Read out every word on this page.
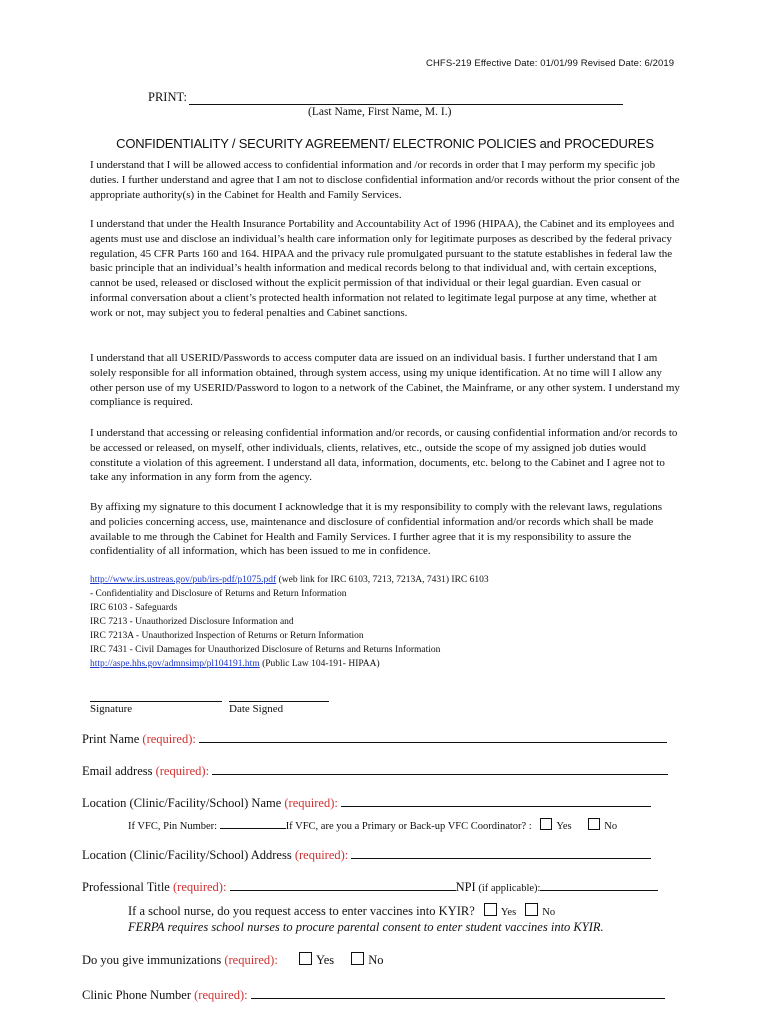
CHFS-219 Effective Date: 01/01/99 Revised Date: 6/2019
PRINT:
(Last Name, First Name, M. I.)
CONFIDENTIALITY / SECURITY AGREEMENT/ ELECTRONIC POLICIES and PROCEDURES

I understand that I will be allowed access to confidential information and /or records in order that I may perform my specific job duties. I further understand and agree that I am not to disclose confidential information and/or records without the prior consent of the appropriate authority(s) in the Cabinet for Health and Family Services.

I understand that under the Health Insurance Portability and Accountability Act of 1996 (HIPAA), the Cabinet and its employees and agents must use and disclose an individual’s health care information only for legitimate purposes as described by the federal privacy regulation, 45 CFR Parts 160 and 164. HIPAA and the privacy rule promulgated pursuant to the statute establishes in federal law the basic principle that an individual’s health information and medical records belong to that individual and, with certain exceptions, cannot be used, released or disclosed without the explicit permission of that individual or their legal guardian. Even casual or informal conversation about a client’s protected health information not related to legitimate legal purpose at any time, whether at work or not, may subject you to federal penalties and Cabinet sanctions.

I understand that all USERID/Passwords to access computer data are issued on an individual basis. I further understand that I am solely responsible for all information obtained, through system access, using my unique identification. At no time will I allow any other person use of my USERID/Password to logon to a network of the Cabinet, the Mainframe, or any other system. I understand my compliance is required.

I understand that accessing or releasing confidential information and/or records, or causing confidential information and/or records to be accessed or released, on myself, other individuals, clients, relatives, etc., outside the scope of my assigned job duties would constitute a violation of this agreement. I understand all data, information, documents, etc. belong to the Cabinet and I agree not to take any information in any form from the agency.

By affixing my signature to this document I acknowledge that it is my responsibility to comply with the relevant laws, regulations and policies concerning access, use, maintenance and disclosure of confidential information and/or records which shall be made available to me through the Cabinet for Health and Family Services. I further agree that it is my responsibility to assure the confidentiality of all information, which has been issued to me in confidence.

http://www.irs.ustreas.gov/pub/irs-pdf/p1075.pdf (web link for IRC 6103, 7213, 7213A, 7431) IRC 6103
- Confidentiality and Disclosure of Returns and Return Information
IRC 6103 - Safeguards
IRC 7213 - Unauthorized Disclosure Information and
IRC 7213A - Unauthorized Inspection of Returns or Return Information
IRC 7431 - Civil Damages for Unauthorized Disclosure of Returns and Returns Information
http://aspe.hhs.gov/admnsimp/pl104191.htm (Public Law 104-191- HIPAA)
Signature	Date Signed
Print Name (required):
Email address (required):
Location (Clinic/Facility/School) Name (required):
If VFC, Pin Number:	If VFC, are you a Primary or Back-up VFC Coordinator? : Yes	No
Location (Clinic/Facility/School) Address (required):
Professional Title (required):	NPI (if applicable):
If a school nurse, do you request access to enter vaccines into KYIR? Yes No
FERPA requires school nurses to procure parental consent to enter student vaccines into KYIR.
Do you give immunizations (required):	Yes	No
Clinic Phone Number (required):
